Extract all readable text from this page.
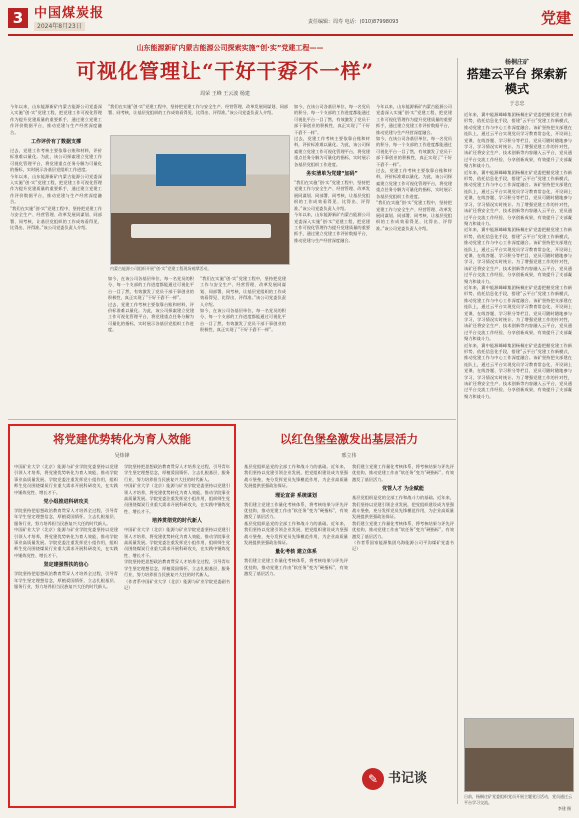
3 中国煤炭报
2024年8月23日
责任编辑：周寿 电话：(010)87998093	党建
山东能源新矿内蒙古能源公司探索实施“创·实”党建工程——
可视化管理让“干好干孬不一样”
周荣 王峰 王云波 杨建
今年以来，山东能源新矿内蒙古能源公司党委深入实施“创·实”党建工程，把党建工作可视化管理作为提升党建质量的重要抓手，通过建立党建工作评价数据平台，推动党建与生产经营深度融合。
工作评价有了数据支撑
过去，党建工作考核主要依靠台账和材料，评价标准难以量化。为此，该公司探索建立党建工作可视化管理平台，将党建重点任务分解为可量化的指标，实时展示各基层党组织工作进度。
今年以来，山东能源新矿内蒙古能源公司党委深入实施“创·实”党建工程，把党建工作可视化管理作为提升党建质量的重要抓手，通过建立党建工作评价数据平台，推动党建与生产经营深度融合。
“我们在实施“创·实”党建工程中，坚持把党建工作与安全生产、经营管理、改革发展同谋划、同部署、同考核，让基层党组织的工作成效看得见、比得出、评得准。”该公司党委负责人介绍。
“我们在实施“创·实”党建工程中，坚持把党建工作与安全生产、经营管理、改革发展同谋划、同部署、同考核，让基层党组织的工作成效看得见、比得出、评得准。”该公司党委负责人介绍。
内蒙古能源公司组织开展“创·实”党建工程现场观摩活动。
如今，在该公司各基层单位，每一名党员的积分、每一个支部的工作进度都能通过可视化平台一目了然，有效激发了党员干部干事创业的积极性，真正实现了“干好干孬不一样”。
过去，党建工作考核主要依靠台账和材料，评价标准难以量化。为此，该公司探索建立党建工作可视化管理平台，将党建重点任务分解为可量化的指标，实时展示各基层党组织工作进度。
“我们在实施“创·实”党建工程中，坚持把党建工作与安全生产、经营管理、改革发展同谋划、同部署、同考核，让基层党组织的工作成效看得见、比得出、评得准。”该公司党委负责人介绍。
如今，在该公司各基层单位，每一名党员的积分、每一个支部的工作进度都能通过可视化平台一目了然，有效激发了党员干部干事创业的积极性，真正实现了“干好干孬不一样”。
如今，在该公司各基层单位，每一名党员的积分、每一个支部的工作进度都能通过可视化平台一目了然，有效激发了党员干部干事创业的积极性，真正实现了“干好干孬不一样”。
过去，党建工作考核主要依靠台账和材料，评价标准难以量化。为此，该公司探索建立党建工作可视化管理平台，将党建重点任务分解为可量化的指标，实时展示各基层党组织工作进度。
务实清单为党建“加码”
“我们在实施“创·实”党建工程中，坚持把党建工作与安全生产、经营管理、改革发展同谋划、同部署、同考核，让基层党组织的工作成效看得见、比得出、评得准。”该公司党委负责人介绍。
今年以来，山东能源新矿内蒙古能源公司党委深入实施“创·实”党建工程，把党建工作可视化管理作为提升党建质量的重要抓手，通过建立党建工作评价数据平台，推动党建与生产经营深度融合。
今年以来，山东能源新矿内蒙古能源公司党委深入实施“创·实”党建工程，把党建工作可视化管理作为提升党建质量的重要抓手，通过建立党建工作评价数据平台，推动党建与生产经营深度融合。
如今，在该公司各基层单位，每一名党员的积分、每一个支部的工作进度都能通过可视化平台一目了然，有效激发了党员干部干事创业的积极性，真正实现了“干好干孬不一样”。
过去，党建工作考核主要依靠台账和材料，评价标准难以量化。为此，该公司探索建立党建工作可视化管理平台，将党建重点任务分解为可量化的指标，实时展示各基层党组织工作进度。
“我们在实施“创·实”党建工程中，坚持把党建工作与安全生产、经营管理、改革发展同谋划、同部署、同考核，让基层党组织的工作成效看得见、比得出、评得准。”该公司党委负责人介绍。
杨桐庄矿
搭建云平台 探索新模式
于志忠
近年来，冀中能源峰峰集团杨桐庄矿党委把握党建工作新形势，依托信息化手段，搭建“云平台”党建工作新模式，推动党建工作与中心工作深度融合。该矿坚持把支部建在连队上，通过云平台实现党员学习教育常态化，开设网上党课、在线答题、学习积分等栏目，党员可随时随地参与学习，学习情况实时统计。为了增强党建工作的针对性，该矿还将安全生产、技术创新等内容融入云平台，党员通过平台交流工作经验、分享创新成果，有效提升了支部凝聚力和战斗力。
近年来，冀中能源峰峰集团杨桐庄矿党委把握党建工作新形势，依托信息化手段，搭建“云平台”党建工作新模式，推动党建工作与中心工作深度融合。该矿坚持把支部建在连队上，通过云平台实现党员学习教育常态化，开设网上党课、在线答题、学习积分等栏目，党员可随时随地参与学习，学习情况实时统计。为了增强党建工作的针对性，该矿还将安全生产、技术创新等内容融入云平台，党员通过平台交流工作经验、分享创新成果，有效提升了支部凝聚力和战斗力。
近年来，冀中能源峰峰集团杨桐庄矿党委把握党建工作新形势，依托信息化手段，搭建“云平台”党建工作新模式，推动党建工作与中心工作深度融合。该矿坚持把支部建在连队上，通过云平台实现党员学习教育常态化，开设网上党课、在线答题、学习积分等栏目，党员可随时随地参与学习，学习情况实时统计。为了增强党建工作的针对性，该矿还将安全生产、技术创新等内容融入云平台，党员通过平台交流工作经验、分享创新成果，有效提升了支部凝聚力和战斗力。
近年来，冀中能源峰峰集团杨桐庄矿党委把握党建工作新形势，依托信息化手段，搭建“云平台”党建工作新模式，推动党建工作与中心工作深度融合。该矿坚持把支部建在连队上，通过云平台实现党员学习教育常态化，开设网上党课、在线答题、学习积分等栏目，党员可随时随地参与学习，学习情况实时统计。为了增强党建工作的针对性，该矿还将安全生产、技术创新等内容融入云平台，党员通过平台交流工作经验、分享创新成果，有效提升了支部凝聚力和战斗力。
近年来，冀中能源峰峰集团杨桐庄矿党委把握党建工作新形势，依托信息化手段，搭建“云平台”党建工作新模式，推动党建工作与中心工作深度融合。该矿坚持把支部建在连队上，通过云平台实现党员学习教育常态化，开设网上党课、在线答题、学习积分等栏目，党员可随时随地参与学习，学习情况实时统计。为了增强党建工作的针对性，该矿还将安全生产、技术创新等内容融入云平台，党员通过平台交流工作经验、分享创新成果，有效提升了支部凝聚力和战斗力。
日前，杨桐庄矿党委组织党员开展主题党日活动，党员通过云平台学习交流。
李建 摄
将党建优势转化为育人效能
吴炜锋
中国矿业大学（北京）能源与矿业学院党委坚持以党建引领人才培养，将党建优势转化为育人效能，推动学院事业高质量发展。学院党委注重发挥党小组作用，组织师生党员围绕煤炭行业重大需求开展科研攻关，在实践中锤炼党性、增长才干。
党小组推进科研攻关
学院坚持把思想政治教育贯穿人才培养全过程，引导青年学生坚定理想信念，厚植爱国情怀，立志扎根基层、服务行业，努力培养担当民族复兴大任的时代新人。
中国矿业大学（北京）能源与矿业学院党委坚持以党建引领人才培养，将党建优势转化为育人效能，推动学院事业高质量发展。学院党委注重发挥党小组作用，组织师生党员围绕煤炭行业重大需求开展科研攻关，在实践中锤炼党性、增长才干。
坚定建强帮扶的信心
学院坚持把思想政治教育贯穿人才培养全过程，引导青年学生坚定理想信念，厚植爱国情怀，立志扎根基层、服务行业，努力培养担当民族复兴大任的时代新人。
学院坚持把思想政治教育贯穿人才培养全过程，引导青年学生坚定理想信念，厚植爱国情怀，立志扎根基层、服务行业，努力培养担当民族复兴大任的时代新人。
中国矿业大学（北京）能源与矿业学院党委坚持以党建引领人才培养，将党建优势转化为育人效能，推动学院事业高质量发展。学院党委注重发挥党小组作用，组织师生党员围绕煤炭行业重大需求开展科研攻关，在实践中锤炼党性、增长才干。
培养贯彻党的时代新人
中国矿业大学（北京）能源与矿业学院党委坚持以党建引领人才培养，将党建优势转化为育人效能，推动学院事业高质量发展。学院党委注重发挥党小组作用，组织师生党员围绕煤炭行业重大需求开展科研攻关，在实践中锤炼党性、增长才干。
学院坚持把思想政治教育贯穿人才培养全过程，引导青年学生坚定理想信念，厚植爱国情怀，立志扎根基层、服务行业，努力培养担当民族复兴大任的时代新人。
（作者系中国矿业大学（北京）能源与矿业学院党委副书记）
以红色堡垒激发出基层活力
邢立伟
基层党组织是党的全部工作和战斗力的基础。近年来，我们坚持以党建引领企业发展，把党组织建设成为坚强战斗堡垒，充分发挥党员先锋模范作用，为企业高质量发展提供坚强政治保证。
理论宣讲 系统谋划
我们建立党建工作量化考核体系，将考核结果与评先评优挂钩，推动党建工作由“软任务”变为“硬指标”，有效激发了基层活力。
基层党组织是党的全部工作和战斗力的基础。近年来，我们坚持以党建引领企业发展，把党组织建设成为坚强战斗堡垒，充分发挥党员先锋模范作用，为企业高质量发展提供坚强政治保证。
量化考核 建立体系
我们建立党建工作量化考核体系，将考核结果与评先评优挂钩，推动党建工作由“软任务”变为“硬指标”，有效激发了基层活力。
我们建立党建工作量化考核体系，将考核结果与评先评优挂钩，推动党建工作由“软任务”变为“硬指标”，有效激发了基层活力。
党管人才 为企赋能
基层党组织是党的全部工作和战斗力的基础。近年来，我们坚持以党建引领企业发展，把党组织建设成为坚强战斗堡垒，充分发挥党员先锋模范作用，为企业高质量发展提供坚强政治保证。
我们建立党建工作量化考核体系，将考核结果与评先评优挂钩，推动党建工作由“软任务”变为“硬指标”，有效激发了基层活力。
（作者系国家能源集团乌海能源公司平沟煤矿党委书记）
✎ 书记谈
